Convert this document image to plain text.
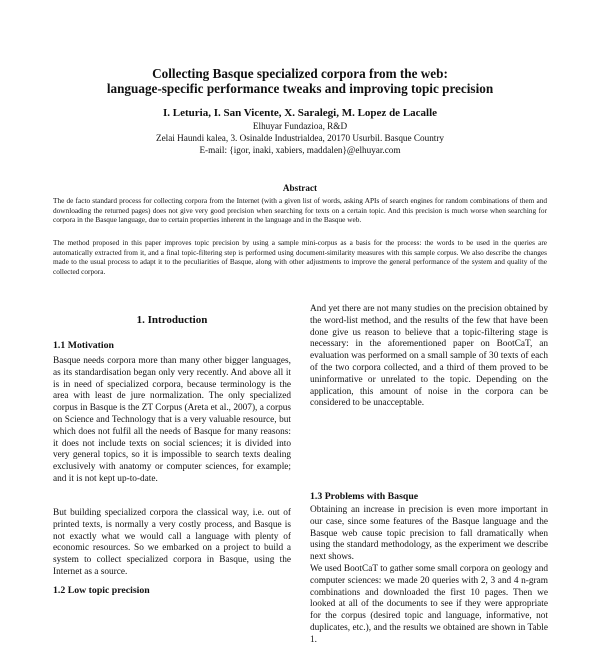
Collecting Basque specialized corpora from the web:
language-specific performance tweaks and improving topic precision
I. Leturia, I. San Vicente, X. Saralegi, M. Lopez de Lacalle
Elhuyar Fundazioa, R&D
Zelai Haundi kalea, 3. Osinalde Industrialdea, 20170 Usurbil. Basque Country
E-mail: {igor, inaki, xabiers, maddalen}@elhuyar.com
Abstract

The de facto standard process for collecting corpora from the Internet (with a given list of words, asking APIs of search engines for random combinations of them and downloading the returned pages) does not give very good precision when searching for texts on a certain topic. And this precision is much worse when searching for corpora in the Basque language, due to certain properties inherent in the language and in the Basque web.

The method proposed in this paper improves topic precision by using a sample mini-corpus as a basis for the process: the words to be used in the queries are automatically extracted from it, and a final topic-filtering step is performed using document-similarity measures with this sample corpus. We also describe the changes made to the usual process to adapt it to the peculiarities of Basque, along with other adjustments to improve the general performance of the system and quality of the collected corpora.

1. Introduction
1.1 Motivation

Basque needs corpora more than many other bigger languages, as its standardisation began only very recently. And above all it is in need of specialized corpora, because terminology is the area with least de jure normalization. The only specialized corpus in Basque is the ZT Corpus (Areta et al., 2007), a corpus on Science and Technology that is a very valuable resource, but which does not fulfil all the needs of Basque for many reasons: it does not include texts on social sciences; it is divided into very general topics, so it is impossible to search texts dealing exclusively with anatomy or computer sciences, for example; and it is not kept up-to-date.

But building specialized corpora the classical way, i.e. out of printed texts, is normally a very costly process, and Basque is not exactly what we would call a language with plenty of economic resources. So we embarked on a project to build a system to collect specialized corpora in Basque, using the Internet as a source.

1.2 Low topic precision

And yet there are not many studies on the precision obtained by the word-list method, and the results of the few that have been done give us reason to believe that a topic-filtering stage is necessary: in the aforementioned paper on BootCaT, an evaluation was performed on a small sample of 30 texts of each of the two corpora collected, and a third of them proved to be uninformative or unrelated to the topic. Depending on the application, this amount of noise in the corpora can be considered to be unacceptable.

1.3 Problems with Basque

Obtaining an increase in precision is even more important in our case, since some features of the Basque language and the Basque web cause topic precision to fall dramatically when using the standard methodology, as the experiment we describe next shows.
We used BootCaT to gather some small corpora on geology and computer sciences: we made 20 queries with 2, 3 and 4 n-gram combinations and downloaded the first 10 pages. Then we looked at all of the documents to see if they were appropriate for the corpus (desired topic and language, informative, not duplicates, etc.), and the results we obtained are shown in Table 1.
